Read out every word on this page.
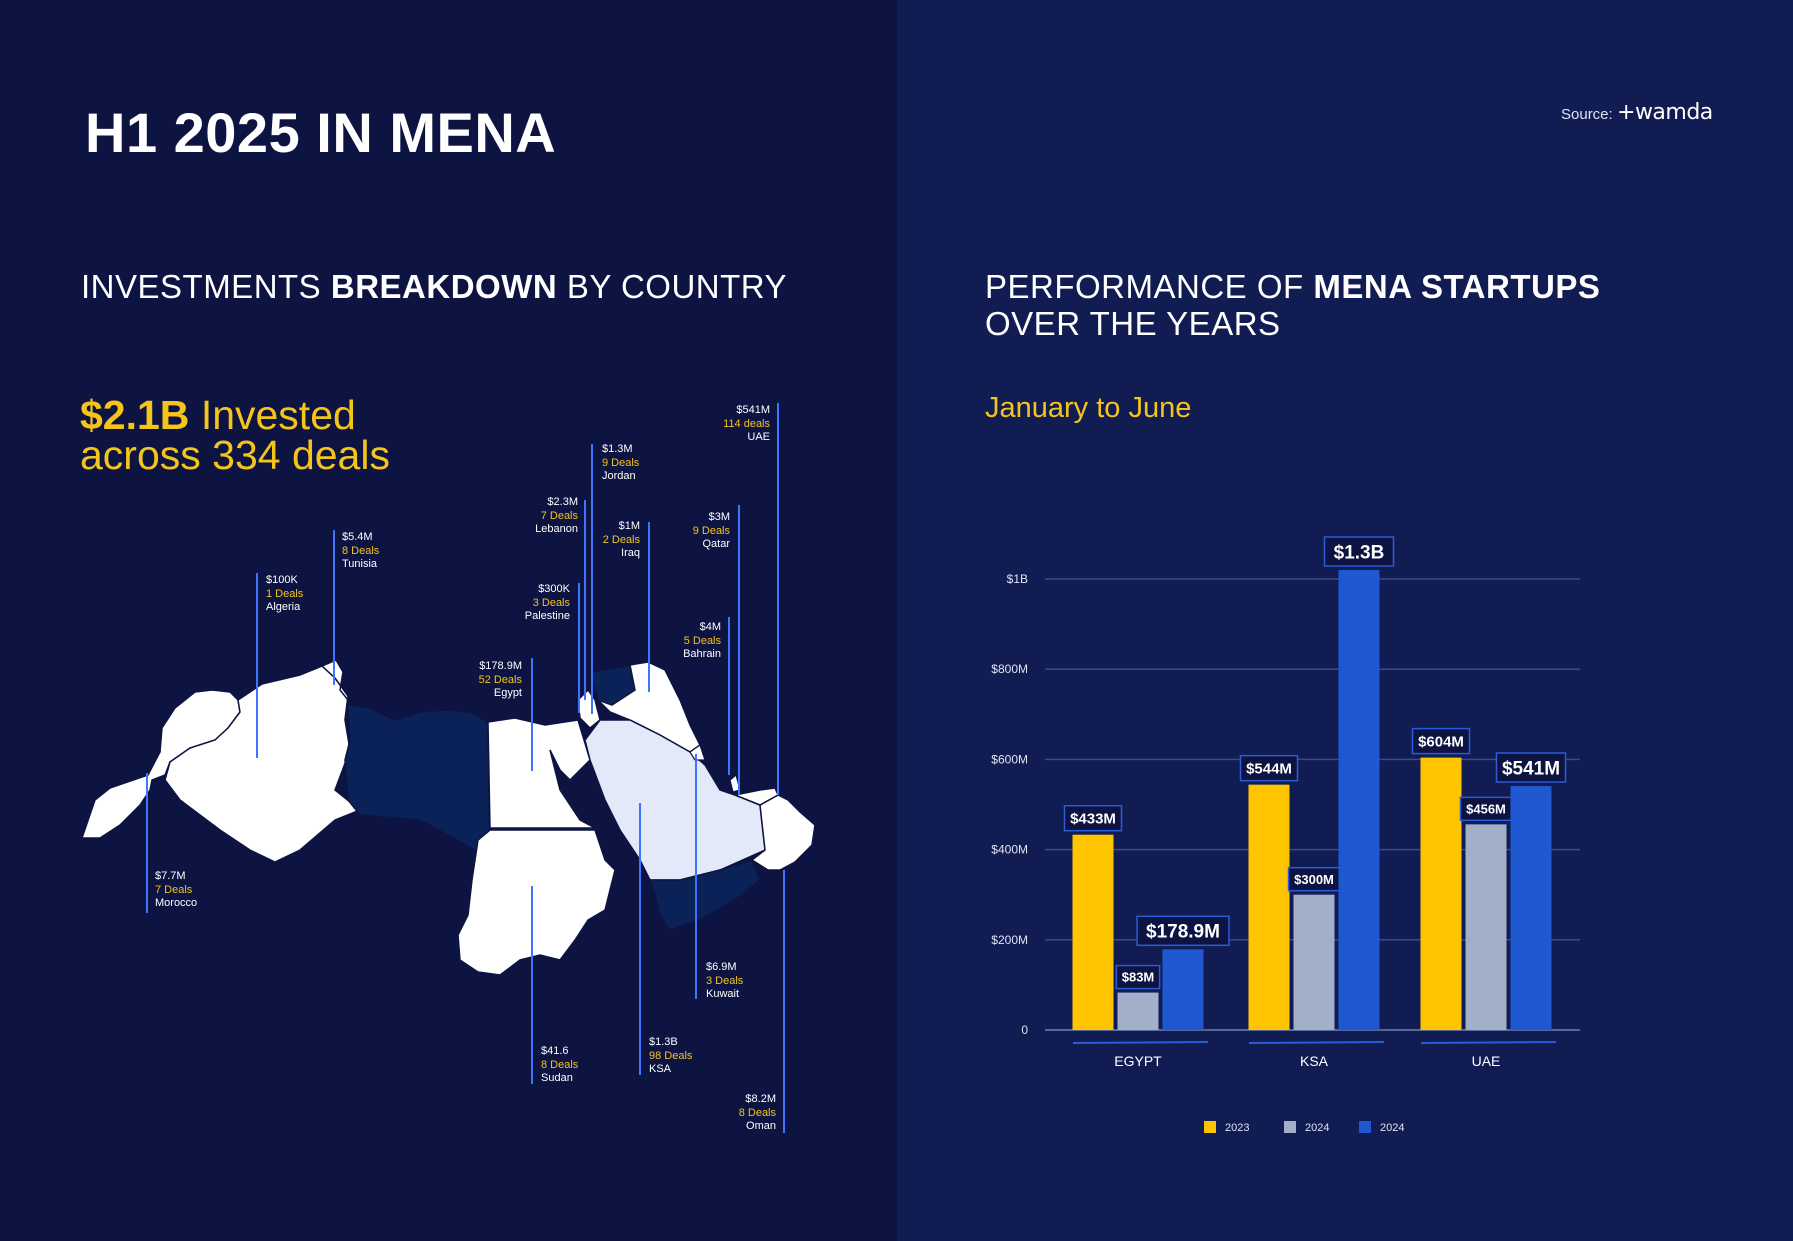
H1 2025 IN MENA	Source: +wamda
INVESTMENTS BREAKDOWN BY COUNTRY
$2.1B Invested
across 334 deals
PERFORMANCE OF MENA STARTUPS
OVER THE YEARS
January to June
$541M
114 deals
UAE
$1.3M
9 Deals
Jordan
$2.3M
7 Deals
Lebanon	$1M
2 Deals
Iraq
$3M
9 Deals
Qatar
$5.4M
8 Deals
Tunisia
$100K
1 Deals
Algeria
$300K
3 Deals
Palestine
$4M
5 Deals
Bahrain
$178.9M
52 Deals
Egypt
$7.7M
7 Deals
Morocco
$6.9M
3 Deals
Kuwait
$41.6
8 Deals
Sudan
$1.3B
98 Deals
KSA
$8.2M
8 Deals
Oman
0
$200M
$400M
$600M
$800M
$1B
$433M
$83M
$178.9M
EGYPT
$544M
$300M
$1.3B
KSA
$604M
$456M
$541M
UAE
2023	2024	2024
